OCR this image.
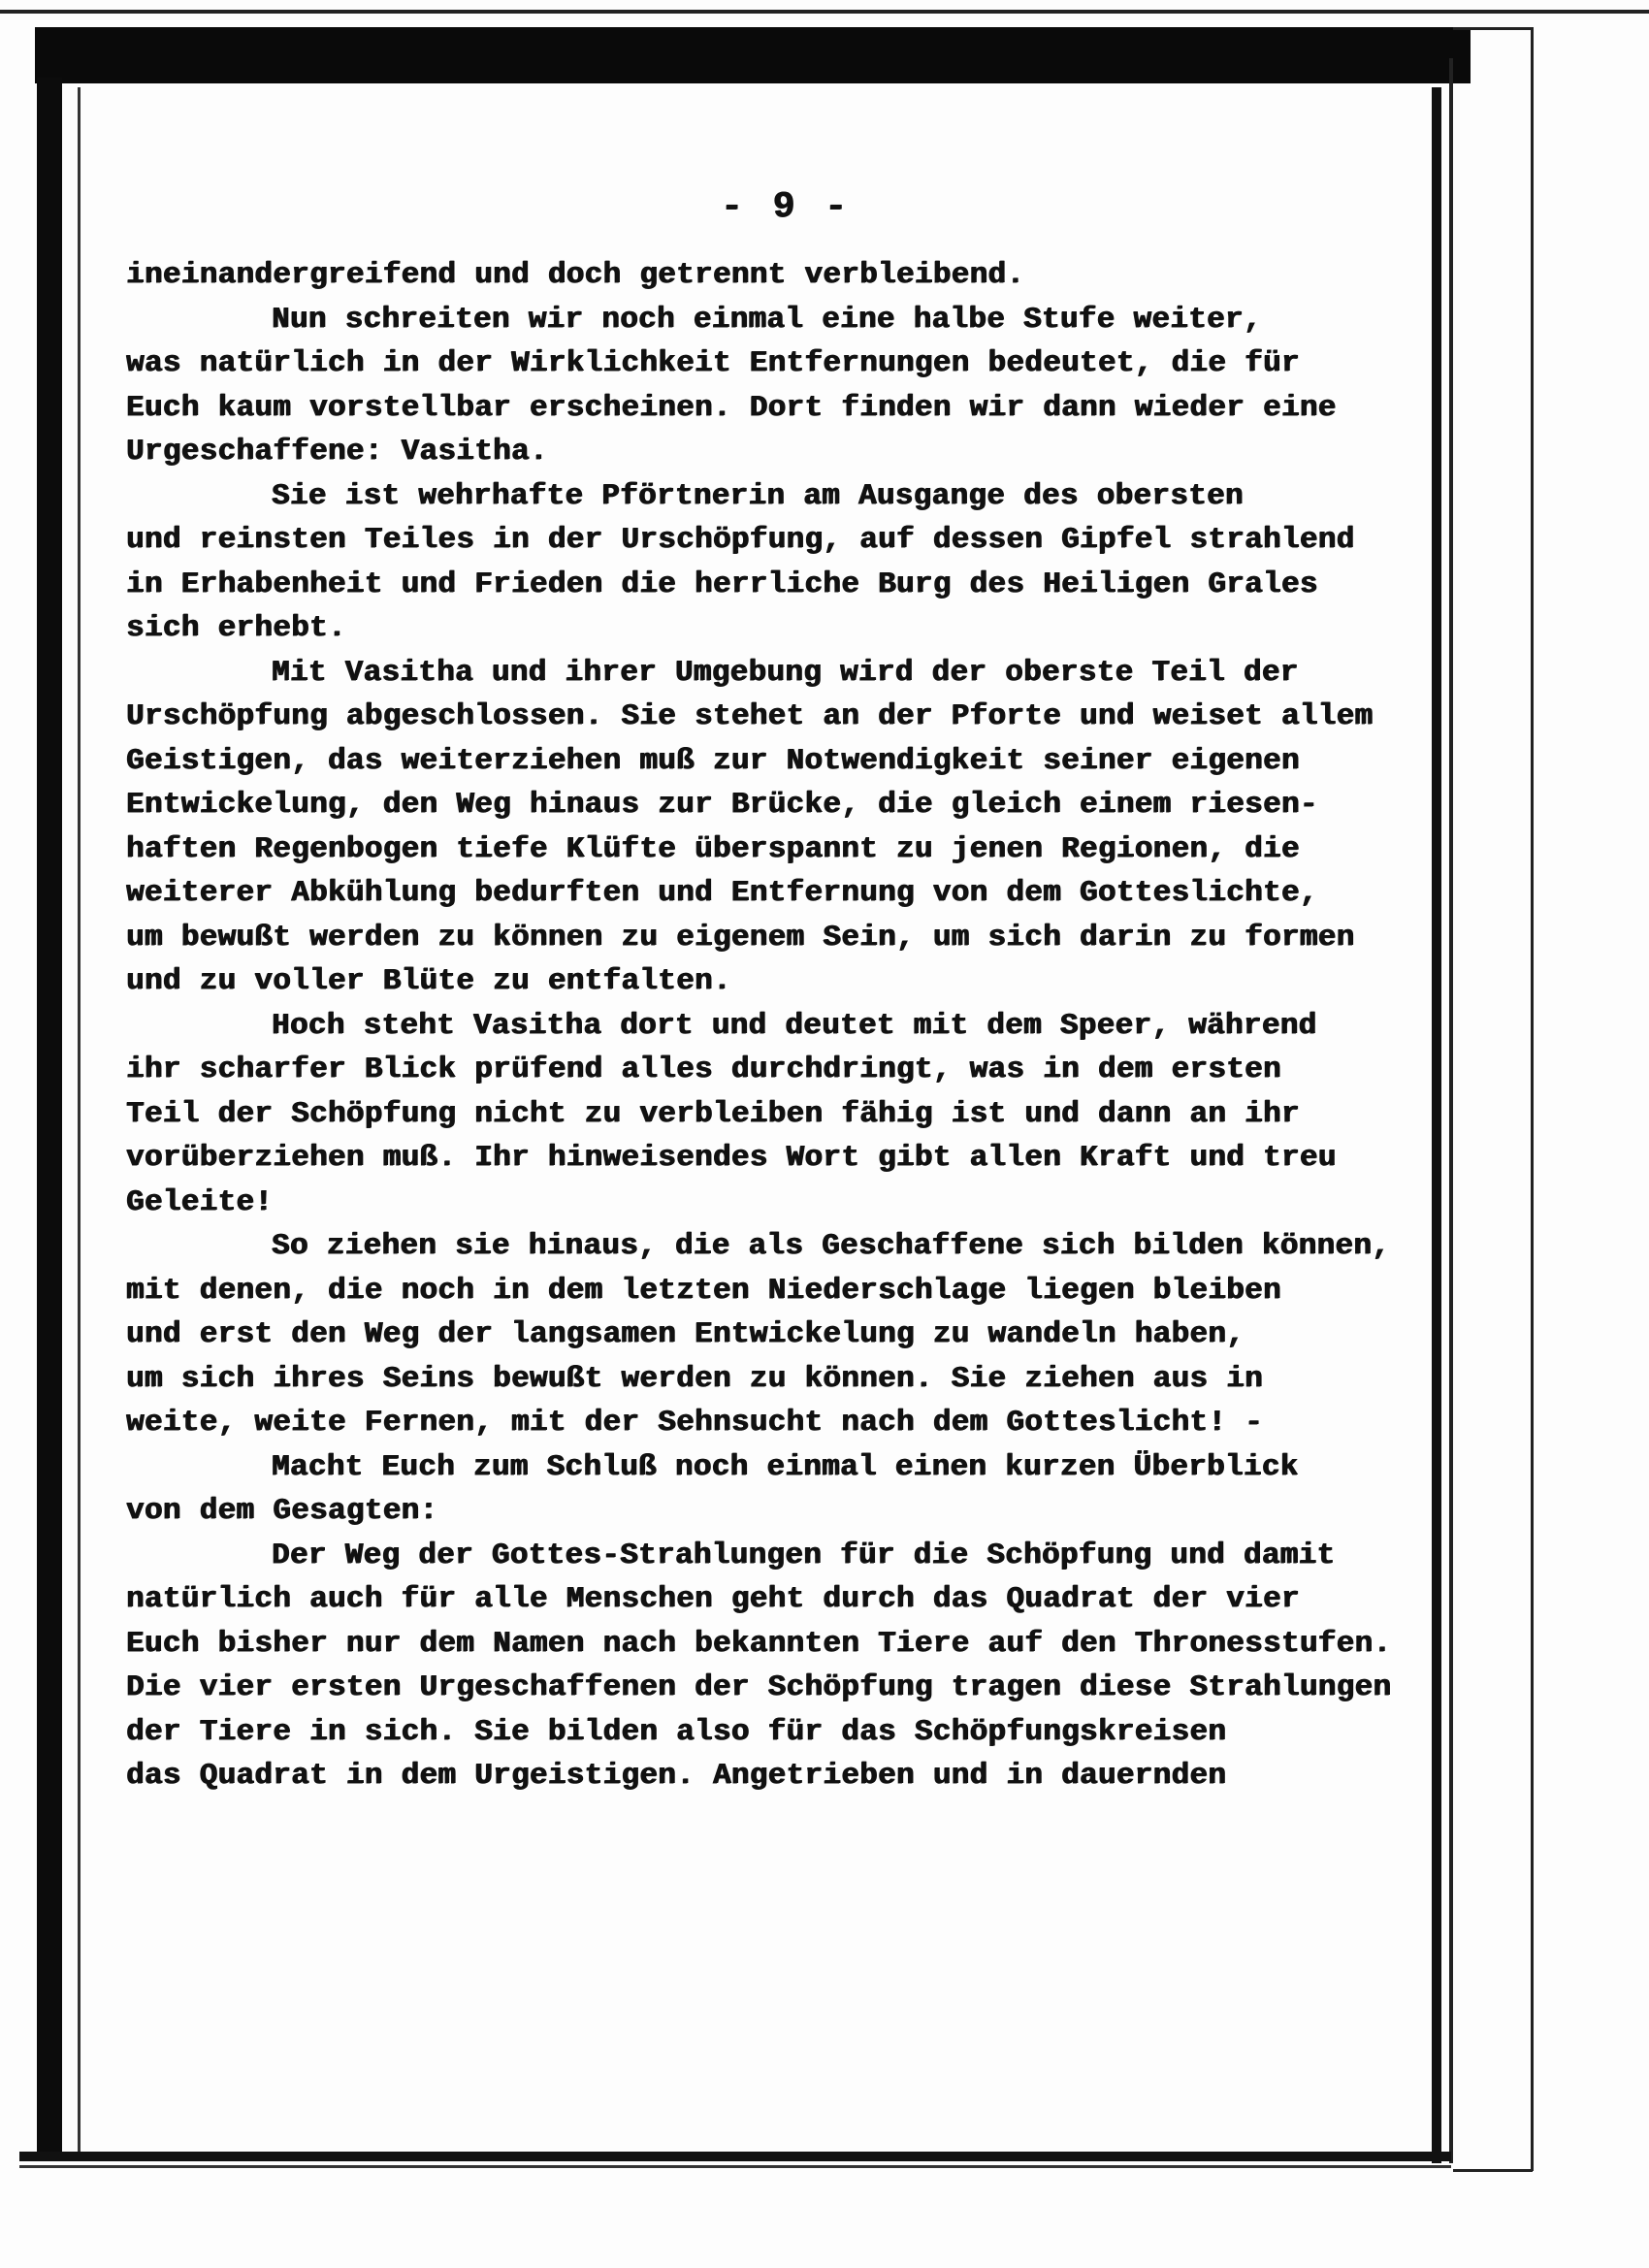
- 9 -
ineinandergreifend und doch getrennt verbleibend.
Nun schreiten wir noch einmal eine halbe Stufe weiter,
was natürlich in der Wirklichkeit Entfernungen bedeutet, die für
Euch kaum vorstellbar erscheinen. Dort finden wir dann wieder eine
Urgeschaffene: Vasitha.
Sie ist wehrhafte Pförtnerin am Ausgange des obersten
und reinsten Teiles in der Urschöpfung, auf dessen Gipfel strahlend
in Erhabenheit und Frieden die herrliche Burg des Heiligen Grales
sich erhebt.
Mit Vasitha und ihrer Umgebung wird der oberste Teil der
Urschöpfung abgeschlossen. Sie stehet an der Pforte und weiset allem
Geistigen, das weiterziehen muß zur Notwendigkeit seiner eigenen
Entwickelung, den Weg hinaus zur Brücke, die gleich einem riesen-
haften Regenbogen tiefe Klüfte überspannt zu jenen Regionen, die
weiterer Abkühlung bedurften und Entfernung von dem Gotteslichte,
um bewußt werden zu können zu eigenem Sein, um sich darin zu formen
und zu voller Blüte zu entfalten.
Hoch steht Vasitha dort und deutet mit dem Speer, während
ihr scharfer Blick prüfend alles durchdringt, was in dem ersten
Teil der Schöpfung nicht zu verbleiben fähig ist und dann an ihr
vorüberziehen muß. Ihr hinweisendes Wort gibt allen Kraft und treu
Geleite!
So ziehen sie hinaus, die als Geschaffene sich bilden können,
mit denen, die noch in dem letzten Niederschlage liegen bleiben
und erst den Weg der langsamen Entwickelung zu wandeln haben,
um sich ihres Seins bewußt werden zu können. Sie ziehen aus in
weite, weite Fernen, mit der Sehnsucht nach dem Gotteslicht! -
Macht Euch zum Schluß noch einmal einen kurzen Überblick
von dem Gesagten:
Der Weg der Gottes-Strahlungen für die Schöpfung und damit
natürlich auch für alle Menschen geht durch das Quadrat der vier
Euch bisher nur dem Namen nach bekannten Tiere auf den Thronesstufen.
Die vier ersten Urgeschaffenen der Schöpfung tragen diese Strahlungen
der Tiere in sich. Sie bilden also für das Schöpfungskreisen
das Quadrat in dem Urgeistigen. Angetrieben und in dauernden
